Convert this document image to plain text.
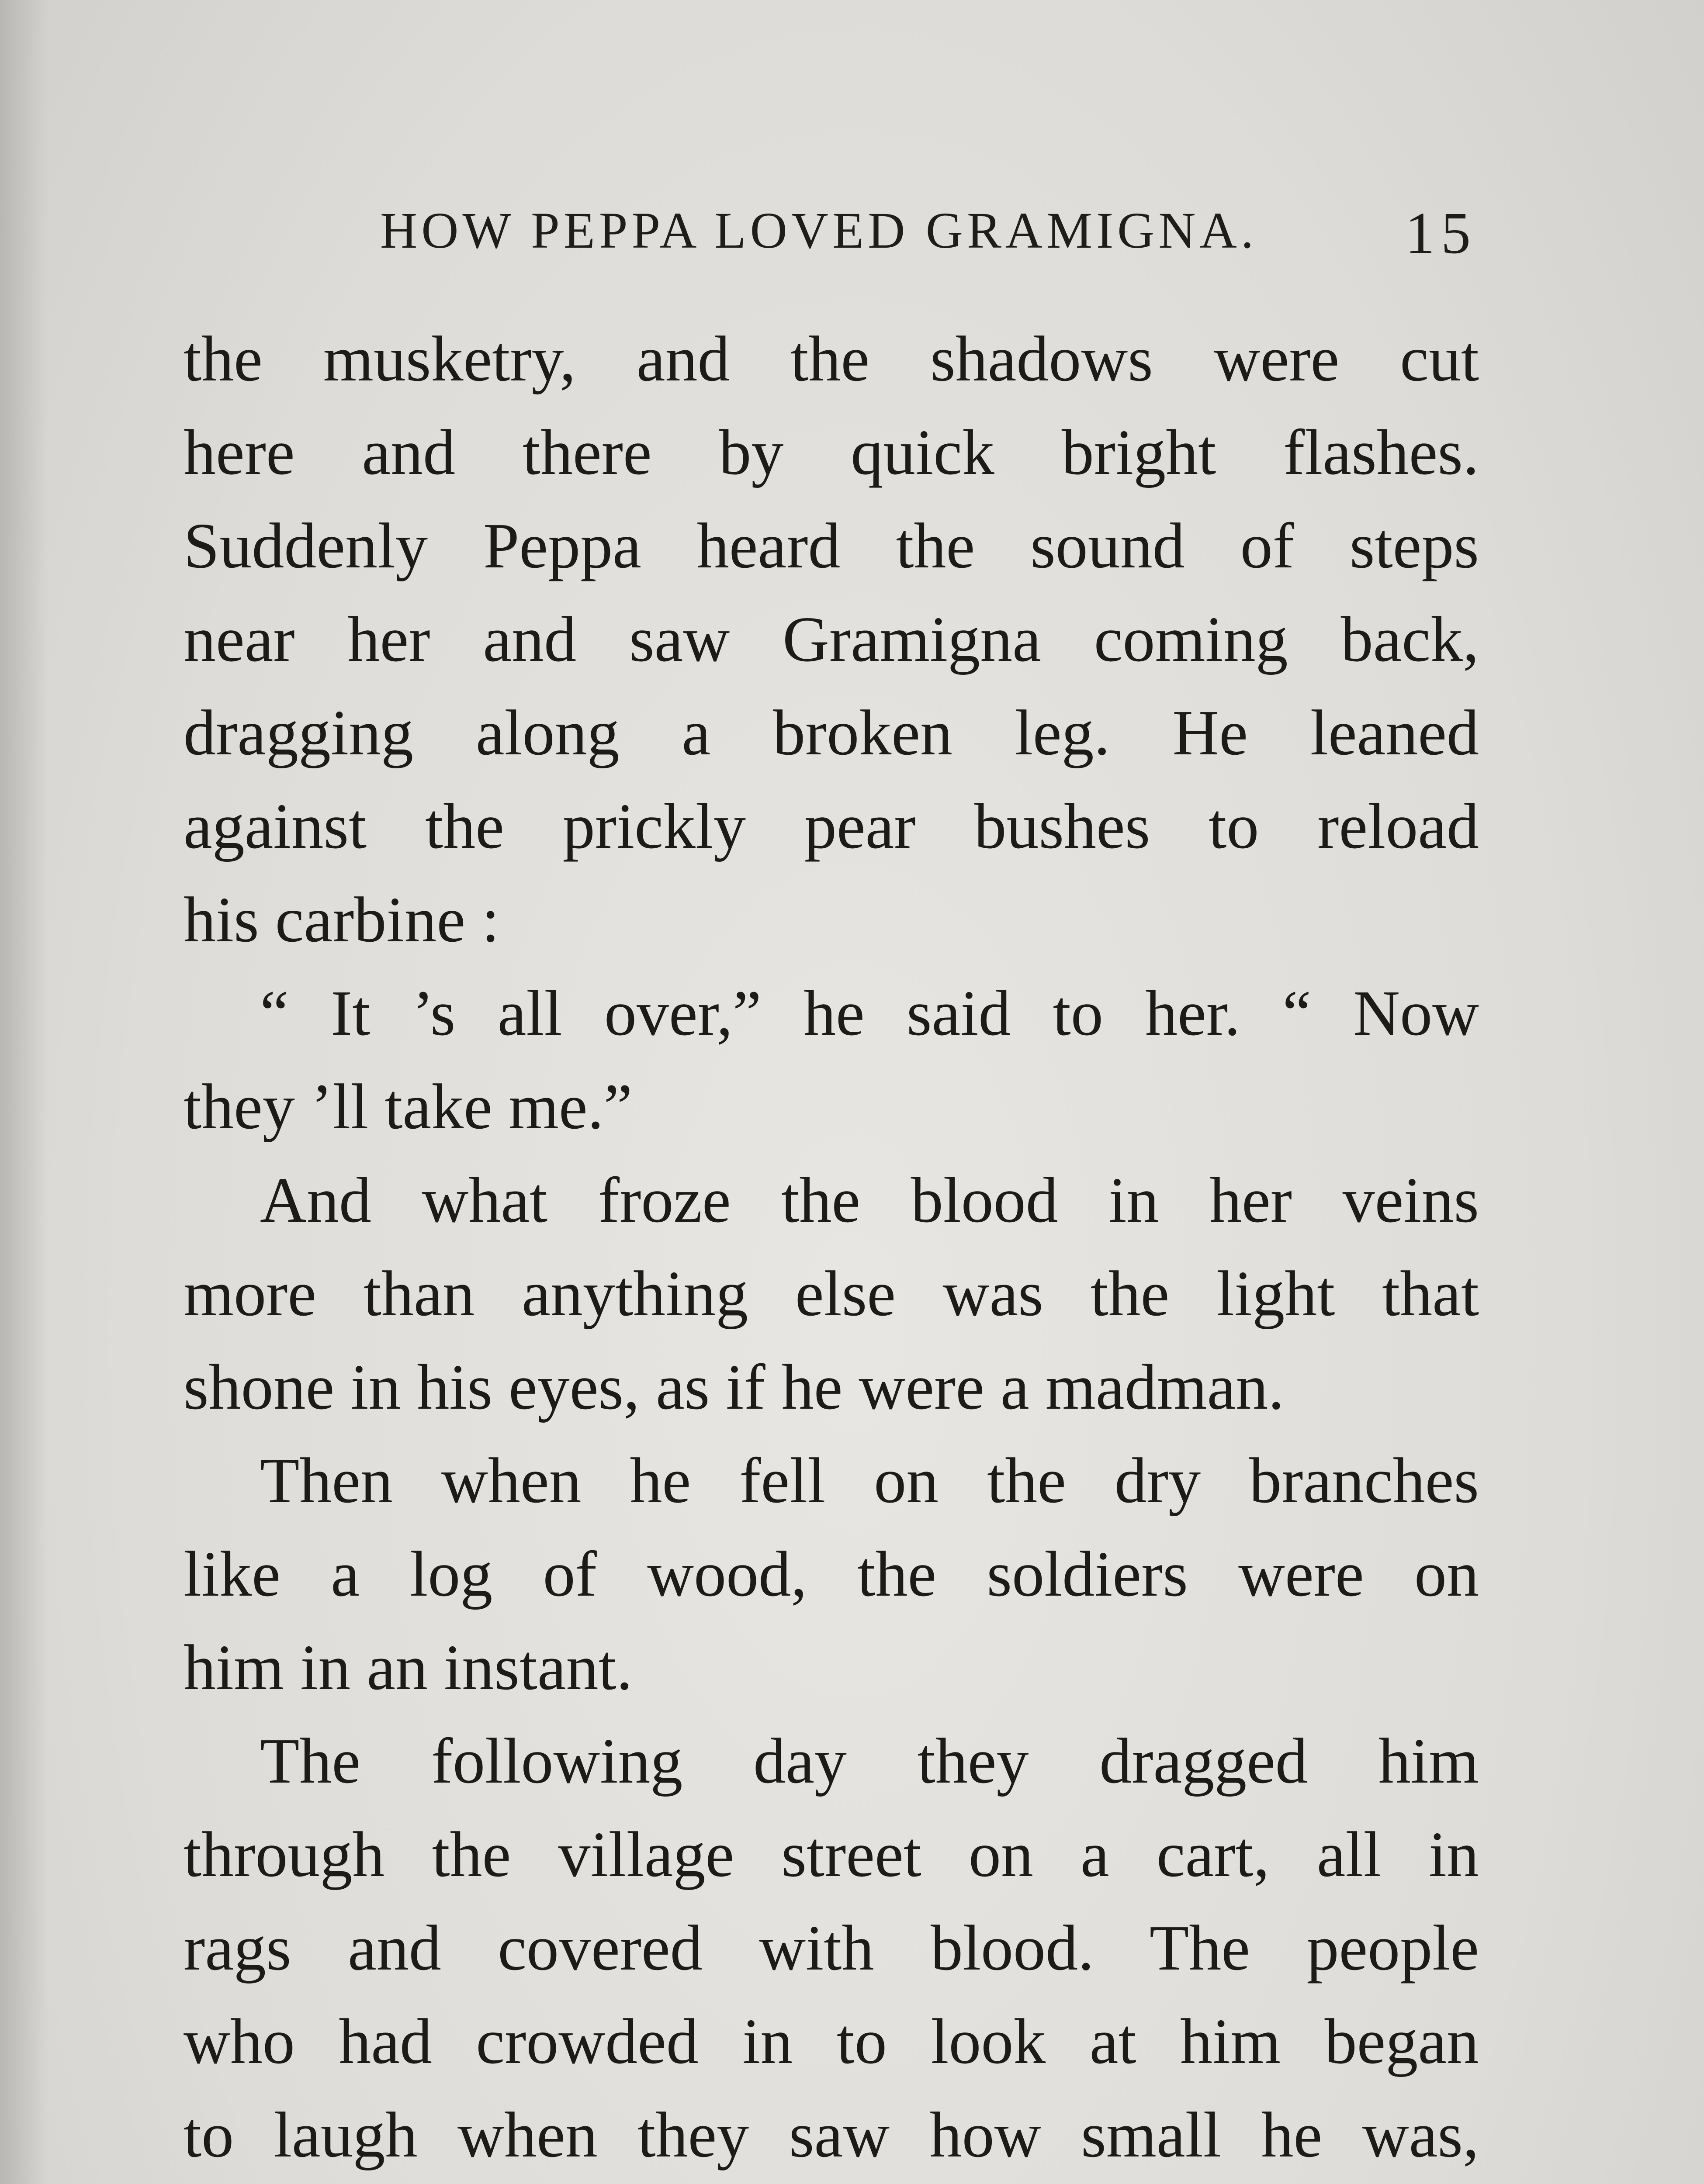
HOW PEPPA LOVED GRAMIGNA. 15
the musketry, and the shadows were cut
here and there by quick bright flashes.
Suddenly Peppa heard the sound of steps
near her and saw Gramigna coming back,
dragging along a broken leg. He leaned
against the prickly pear bushes to reload
his carbine :
“ It ’s all over,” he said to her. “ Now
they ’ll take me.”
And what froze the blood in her veins
more than anything else was the light that
shone in his eyes, as if he were a madman.
Then when he fell on the dry branches
like a log of wood, the soldiers were on
him in an instant.
The following day they dragged him
through the village street on a cart, all in
rags and covered with blood. The people
who had crowded in to look at him began
to laugh when they saw how small he was,
